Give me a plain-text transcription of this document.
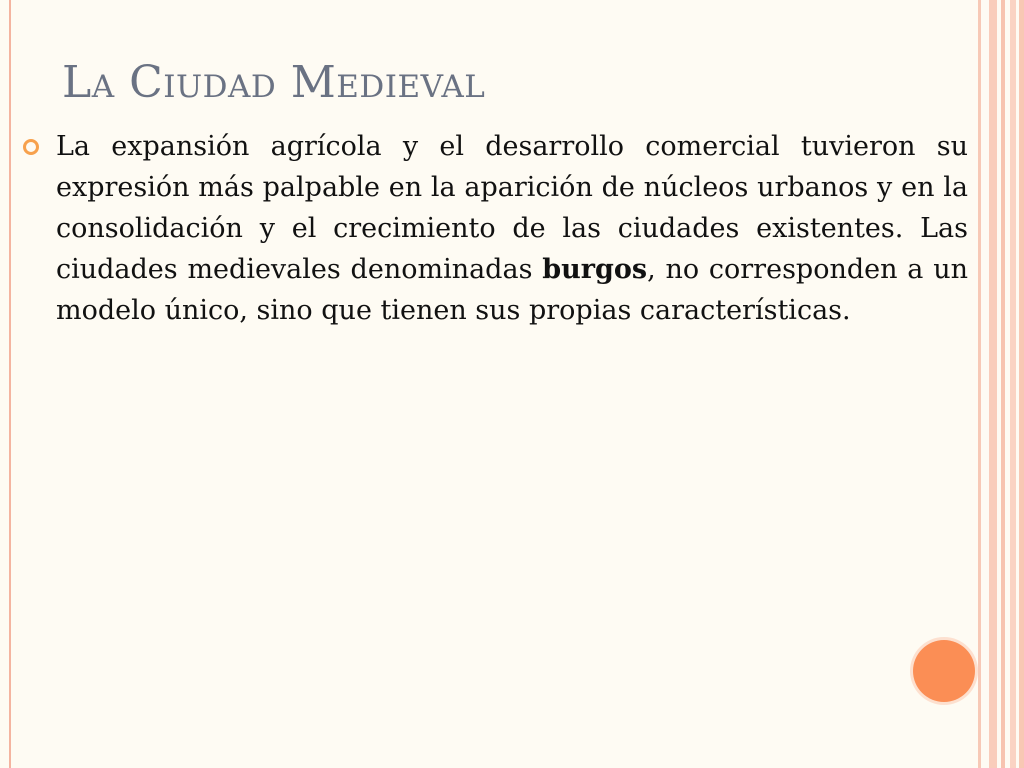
La Ciudad Medieval

La expansión agrícola y el desarrollo comercial tuvieron su expresión más palpable en la aparición de núcleos urbanos y en la consolidación y el crecimiento de las ciudades existentes. Las ciudades medievales denominadas burgos, no corresponden a un modelo único, sino que tienen sus propias características.
